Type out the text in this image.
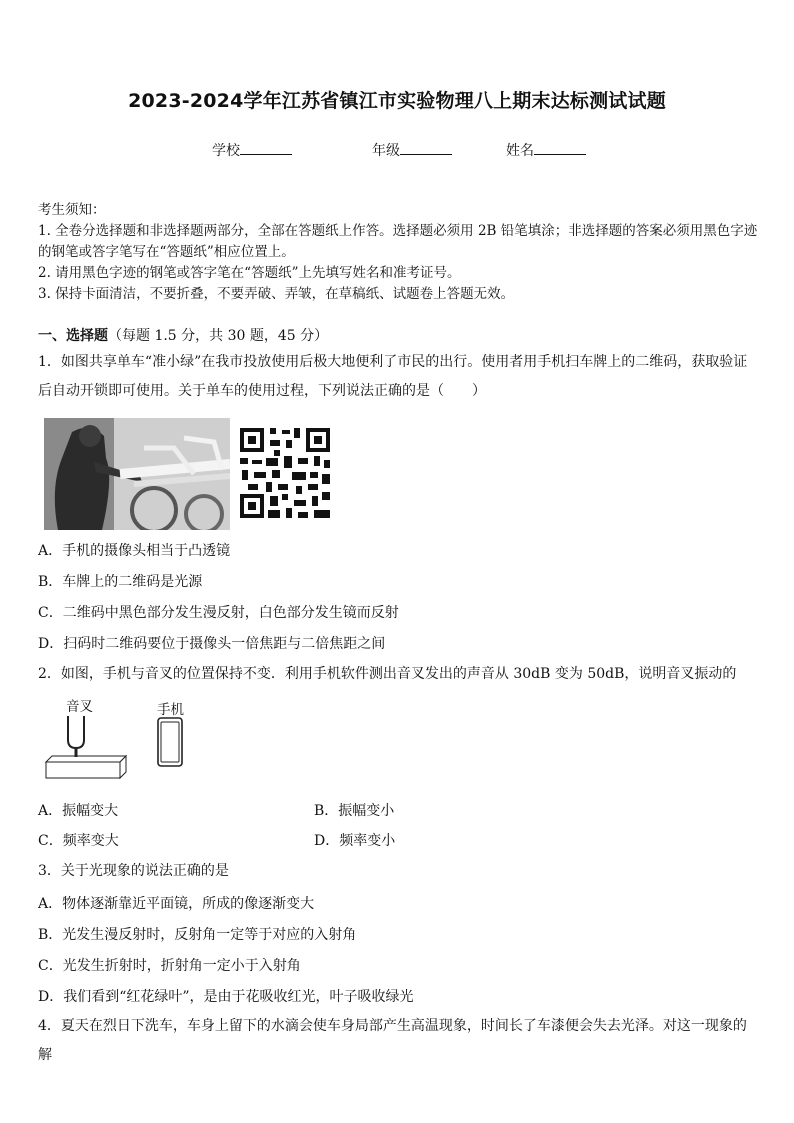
2023-2024学年江苏省镇江市实验物理八上期末达标测试试题
学校	年级	姓名
考生须知：
1. 全卷分选择题和非选择题两部分，全部在答题纸上作答。选择题必须用 2B 铅笔填涂；非选择题的答案必须用黑色字迹的钢笔或答字笔写在“答题纸”相应位置上。
2. 请用黑色字迹的钢笔或答字笔在“答题纸”上先填写姓名和准考证号。
3. 保持卡面清洁，不要折叠，不要弄破、弄皱，在草稿纸、试题卷上答题无效。
一、选择题（每题 1.5 分，共 30 题，45 分）
1．如图共享单车“准小绿”在我市投放使用后极大地便利了市民的出行。使用者用手机扫车牌上的二维码，获取验证后自动开锁即可使用。关于单车的使用过程，下列说法正确的是（　　）
A．手机的摄像头相当于凸透镜
B．车牌上的二维码是光源
C．二维码中黑色部分发生漫反射，白色部分发生镜而反射
D．扫码时二维码要位于摄像头一倍焦距与二倍焦距之间
2．如图，手机与音叉的位置保持不变．利用手机软件测出音叉发出的声音从 30dB 变为 50dB，说明音叉振动的
音叉	手机
A．振幅变大	B．振幅变小
C．频率变大	D．频率变小
3．关于光现象的说法正确的是
A．物体逐渐靠近平面镜，所成的像逐渐变大
B．光发生漫反射时，反射角一定等于对应的入射角
C．光发生折射时，折射角一定小于入射角
D．我们看到“红花绿叶”，是由于花吸收红光，叶子吸收绿光
4．夏天在烈日下洗车，车身上留下的水滴会使车身局部产生高温现象，时间长了车漆便会失去光泽。对这一现象的解
